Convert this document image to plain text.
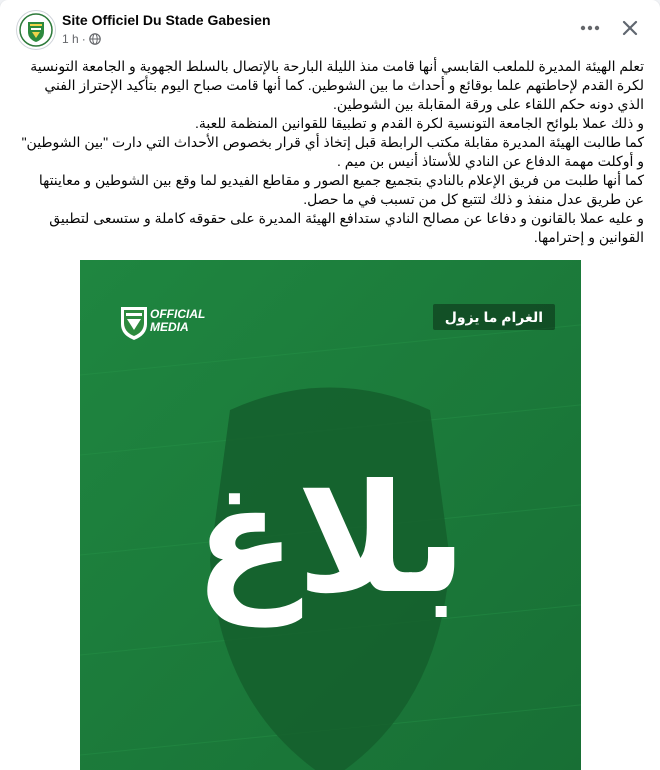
Site Officiel Du Stade Gabesien
1 h ·

تعلم الهيئة المديرة للملعب القابسي أنها قامت منذ الليلة البارحة بالإتصال بالسلط الجهوية و الجامعة التونسية لكرة القدم لإحاطتهم علما بوقائع و أحداث ما بين الشوطين. كما أنها قامت صباح اليوم بتأكيد الإحتراز الفني الذي دونه حكم اللقاء على ورقة المقابلة بين الشوطين.

و ذلك عملا بلوائح الجامعة التونسية لكرة القدم و تطبيقا للقوانين المنظمة للعبة.

كما طالبت الهيئة المديرة مقابلة مكتب الرابطة قبل إتخاذ أي قرار بخصوص الأحداث التي دارت "بين الشوطين" و أوكلت مهمة الدفاع عن النادي للأستاذ أنيس بن ميم .

كما أنها طلبت من فريق الإعلام بالنادي بتجميع جميع الصور و مقاطع الفيديو لما وقع بين الشوطين و معاينتها عن طريق عدل منفذ و ذلك لتتبع كل من تسبب في ما حصل.

و عليه عملا بالقانون و دفاعا عن مصالح النادي ستدافع الهيئة المديرة على حقوقه كاملة و ستسعى لتطبيق القوانين و إحترامها.

OFFICIAL
MEDIA
الغرام ما يزول
بلاغ
